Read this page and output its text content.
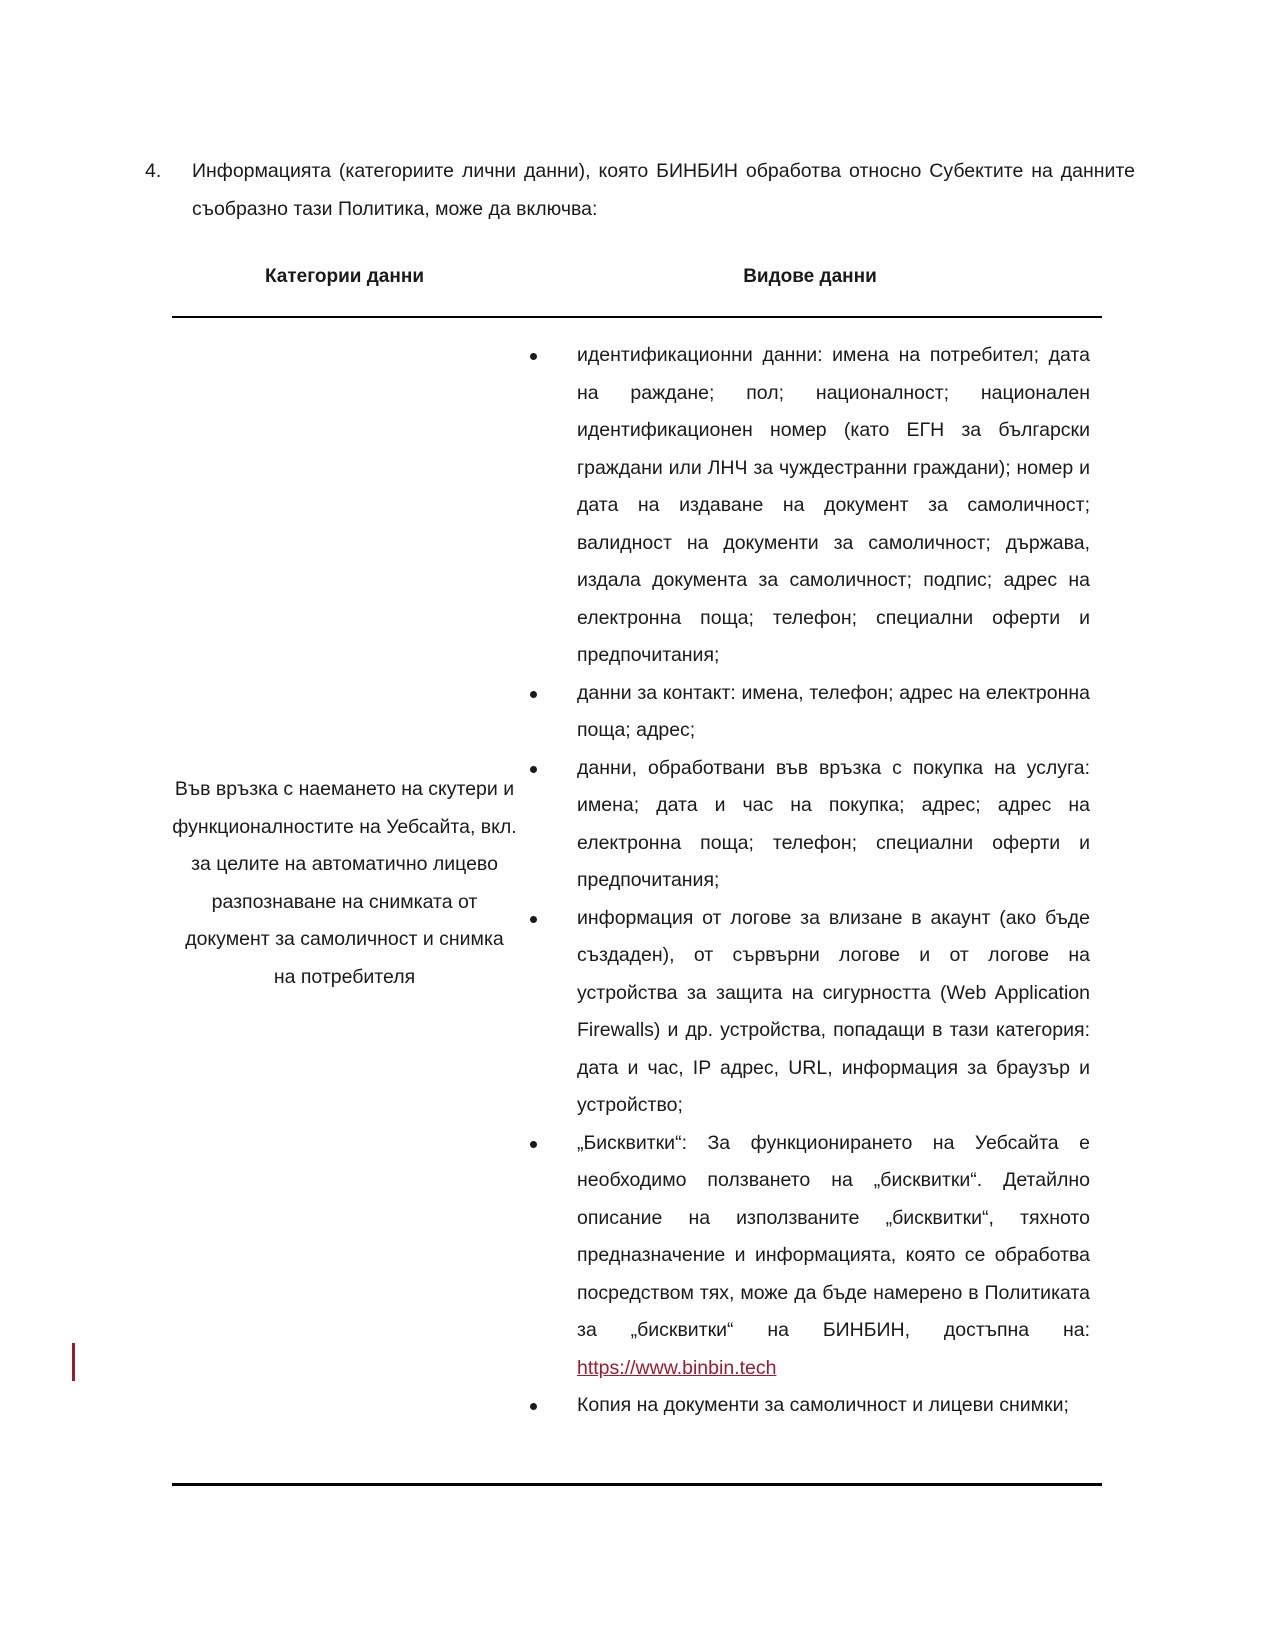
4. Информацията (категориите лични данни), която БИНБИН обработва относно Субектите на данните съобразно тази Политика, може да включва:
Категории данни	Видове данни
Във връзка с наемането на скутери и функционалностите на Уебсайта, вкл. за целите на автоматично лицево разпознаване на снимката от документ за самоличност и снимка на потребителя
идентификационни данни: имена на потребител; дата на раждане; пол; националност; национален идентификационен номер (като ЕГН за български граждани или ЛНЧ за чуждестранни граждани); номер и дата на издаване на документ за самоличност; валидност на документи за самоличност; държава, издала документа за самоличност; подпис; адрес на електронна поща; телефон; специални оферти и предпочитания;
данни за контакт: имена, телефон; адрес на електронна поща; адрес;
данни, обработвани във връзка с покупка на услуга: имена; дата и час на покупка; адрес; адрес на електронна поща; телефон; специални оферти и предпочитания;
информация от логове за влизане в акаунт (ако бъде създаден), от сървърни логове и от логове на устройства за защита на сигурността (Web Application Firewalls) и др. устройства, попадащи в тази категория: дата и час, IP адрес, URL, информация за браузър и устройство;
„Бисквитки“: За функционирането на Уебсайта е необходимо ползването на „бисквитки“. Детайлно описание на използваните „бисквитки“, тяхното предназначение и информацията, която се обработва посредством тях, може да бъде намерено в Политиката за „бисквитки“ на БИНБИН, достъпна на: https://www.binbin.tech
Копия на документи за самоличност и лицеви снимки;
